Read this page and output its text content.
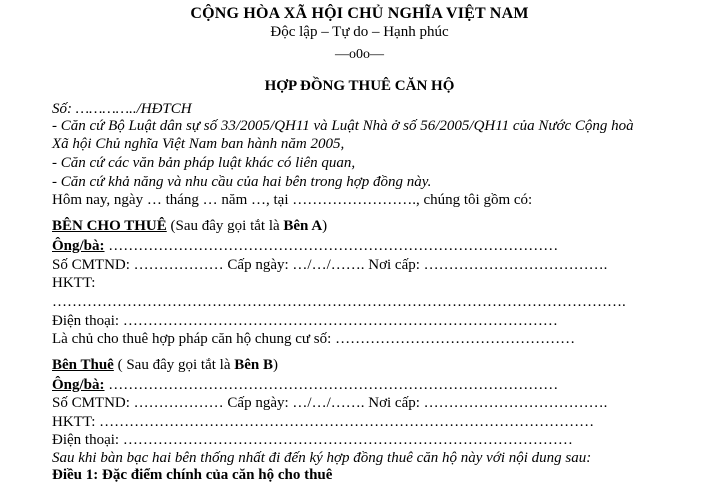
CỘNG HÒA XÃ HỘI CHỦ NGHĨA VIỆT NAM
Độc lập – Tự do – Hạnh phúc
—o0o—
HỢP ĐỒNG THUÊ CĂN HỘ
Số: …………../HĐTCH
- Căn cứ Bộ Luật dân sự số 33/2005/QH11 và Luật Nhà ở số 56/2005/QH11 của Nước Cộng hoà
Xã hội Chủ nghĩa Việt Nam ban hành năm 2005,
- Căn cứ các văn bản pháp luật khác có liên quan,
- Căn cứ khả năng và nhu cầu của hai bên trong hợp đồng này.
Hôm nay, ngày … tháng … năm …, tại ……………………., chúng tôi gồm có:
BÊN CHO THUÊ (Sau đây gọi tắt là Bên A)
Ông/bà: ………………………………………………………………………………
Số CMTND: ……………… Cấp ngày: …/…/……. Nơi cấp: ……………………………….
HKTT:
…………………………………………………………………………………………………….
Điện thoại: ……………………………………………………………………………
Là chủ cho thuê hợp pháp căn hộ chung cư số: …………………………………………
Bên Thuê ( Sau đây gọi tắt là Bên B)
Ông/bà: ………………………………………………………………………………
Số CMTND: ……………… Cấp ngày: …/…/……. Nơi cấp: ……………………………….
HKTT: ………………………………………………………………………………………
Điện thoại: ………………………………………………………………………………
Sau khi bàn bạc hai bên thống nhất đi đến ký hợp đồng thuê căn hộ này với nội dung sau:
Điều 1: Đặc điểm chính của căn hộ cho thuê
